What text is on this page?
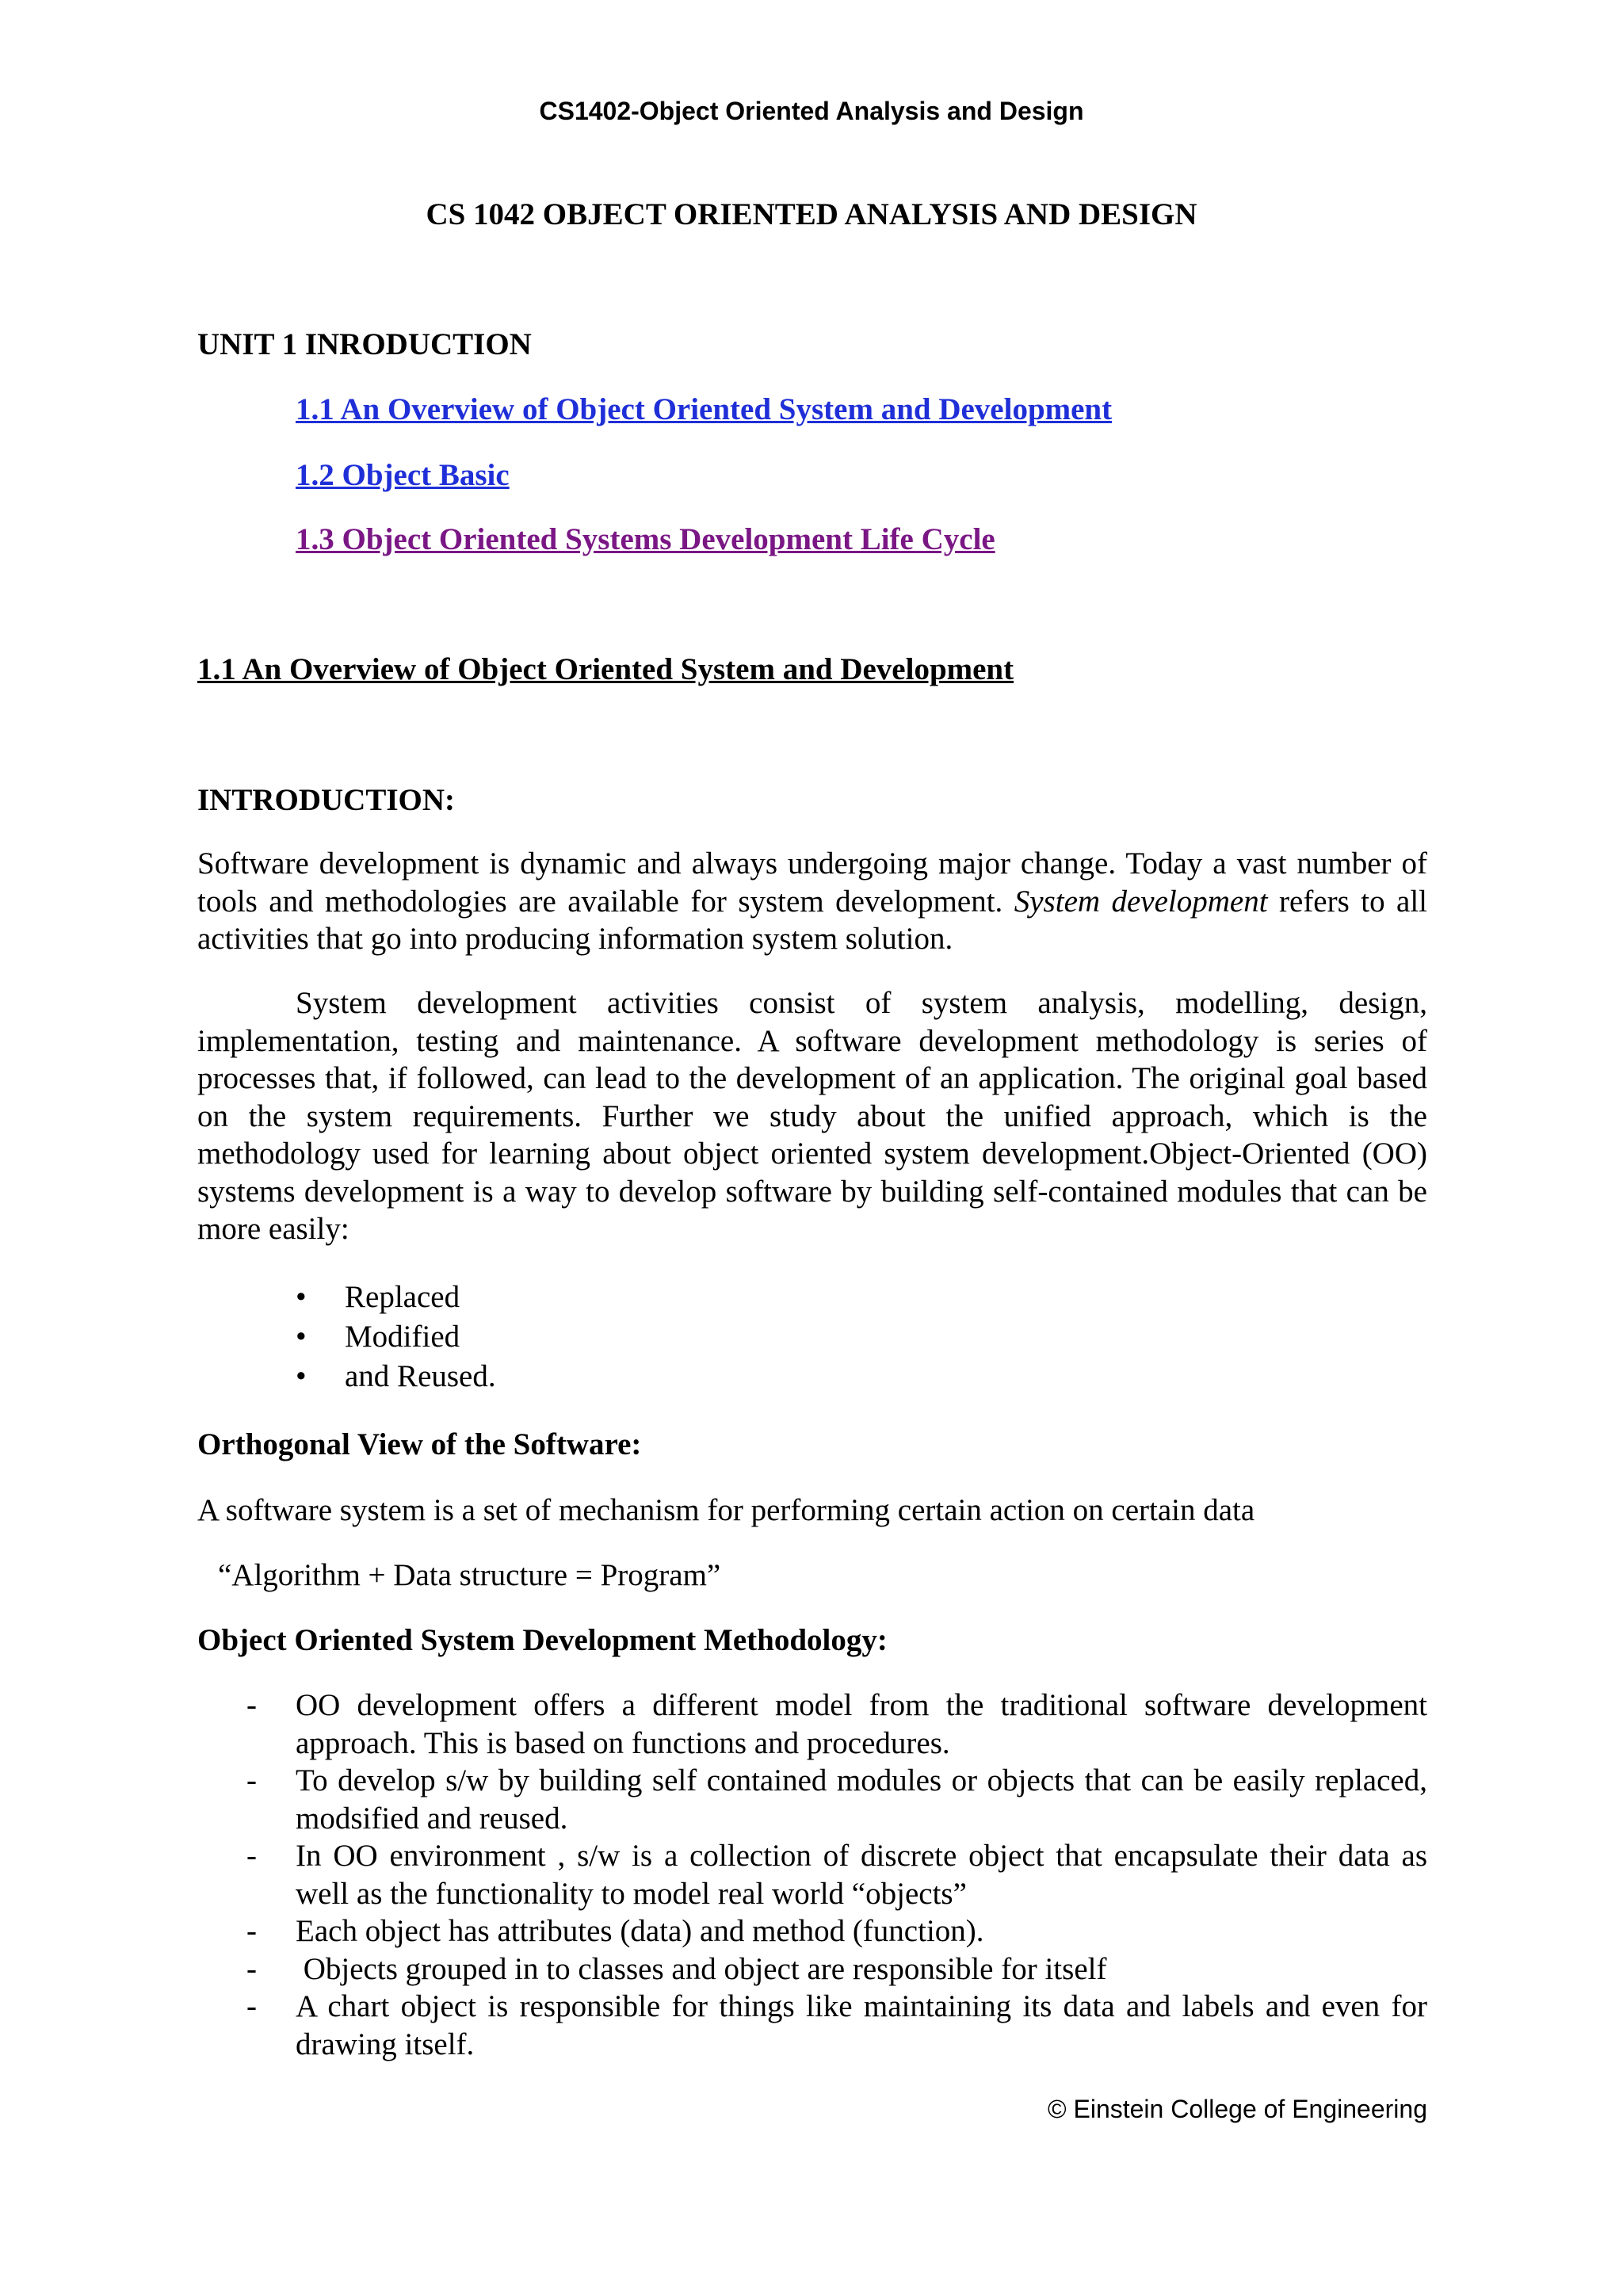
CS1402-Object Oriented Analysis and Design
CS 1042 OBJECT ORIENTED ANALYSIS AND DESIGN
UNIT 1 INRODUCTION
1.1 An Overview of Object Oriented System and Development
1.2 Object Basic
1.3 Object Oriented Systems Development Life Cycle
1.1 An Overview of Object Oriented System and Development
INTRODUCTION:

Software development is dynamic and always undergoing major change. Today a vast number of tools and methodologies are available for system development. System development refers to all activities that go into producing information system solution.

System development activities consist of system analysis, modelling, design, implementation, testing and maintenance. A software development methodology is series of processes that, if followed, can lead to the development of an application. The original goal based on the system requirements. Further we study about the unified approach, which is the methodology used for learning about object oriented system development.Object-Oriented (OO) systems development is a way to develop software by building self-contained modules that can be more easily:

• Replaced
• Modified
• and Reused.
Orthogonal View of the Software:
A software system is a set of mechanism for performing certain action on certain data
“Algorithm + Data structure = Program”
Object Oriented System Development Methodology:
- OO development offers a different model from the traditional software development approach. This is based on functions and procedures.
- To develop s/w by building self contained modules or objects that can be easily replaced, modsified and reused.
- In OO environment , s/w is a collection of discrete object that encapsulate their data as well as the functionality to model real world “objects”
- Each object has attributes (data) and method (function).
- Objects grouped in to classes and object are responsible for itself
- A chart object is responsible for things like maintaining its data and labels and even for drawing itself.
© Einstein College of Engineering
